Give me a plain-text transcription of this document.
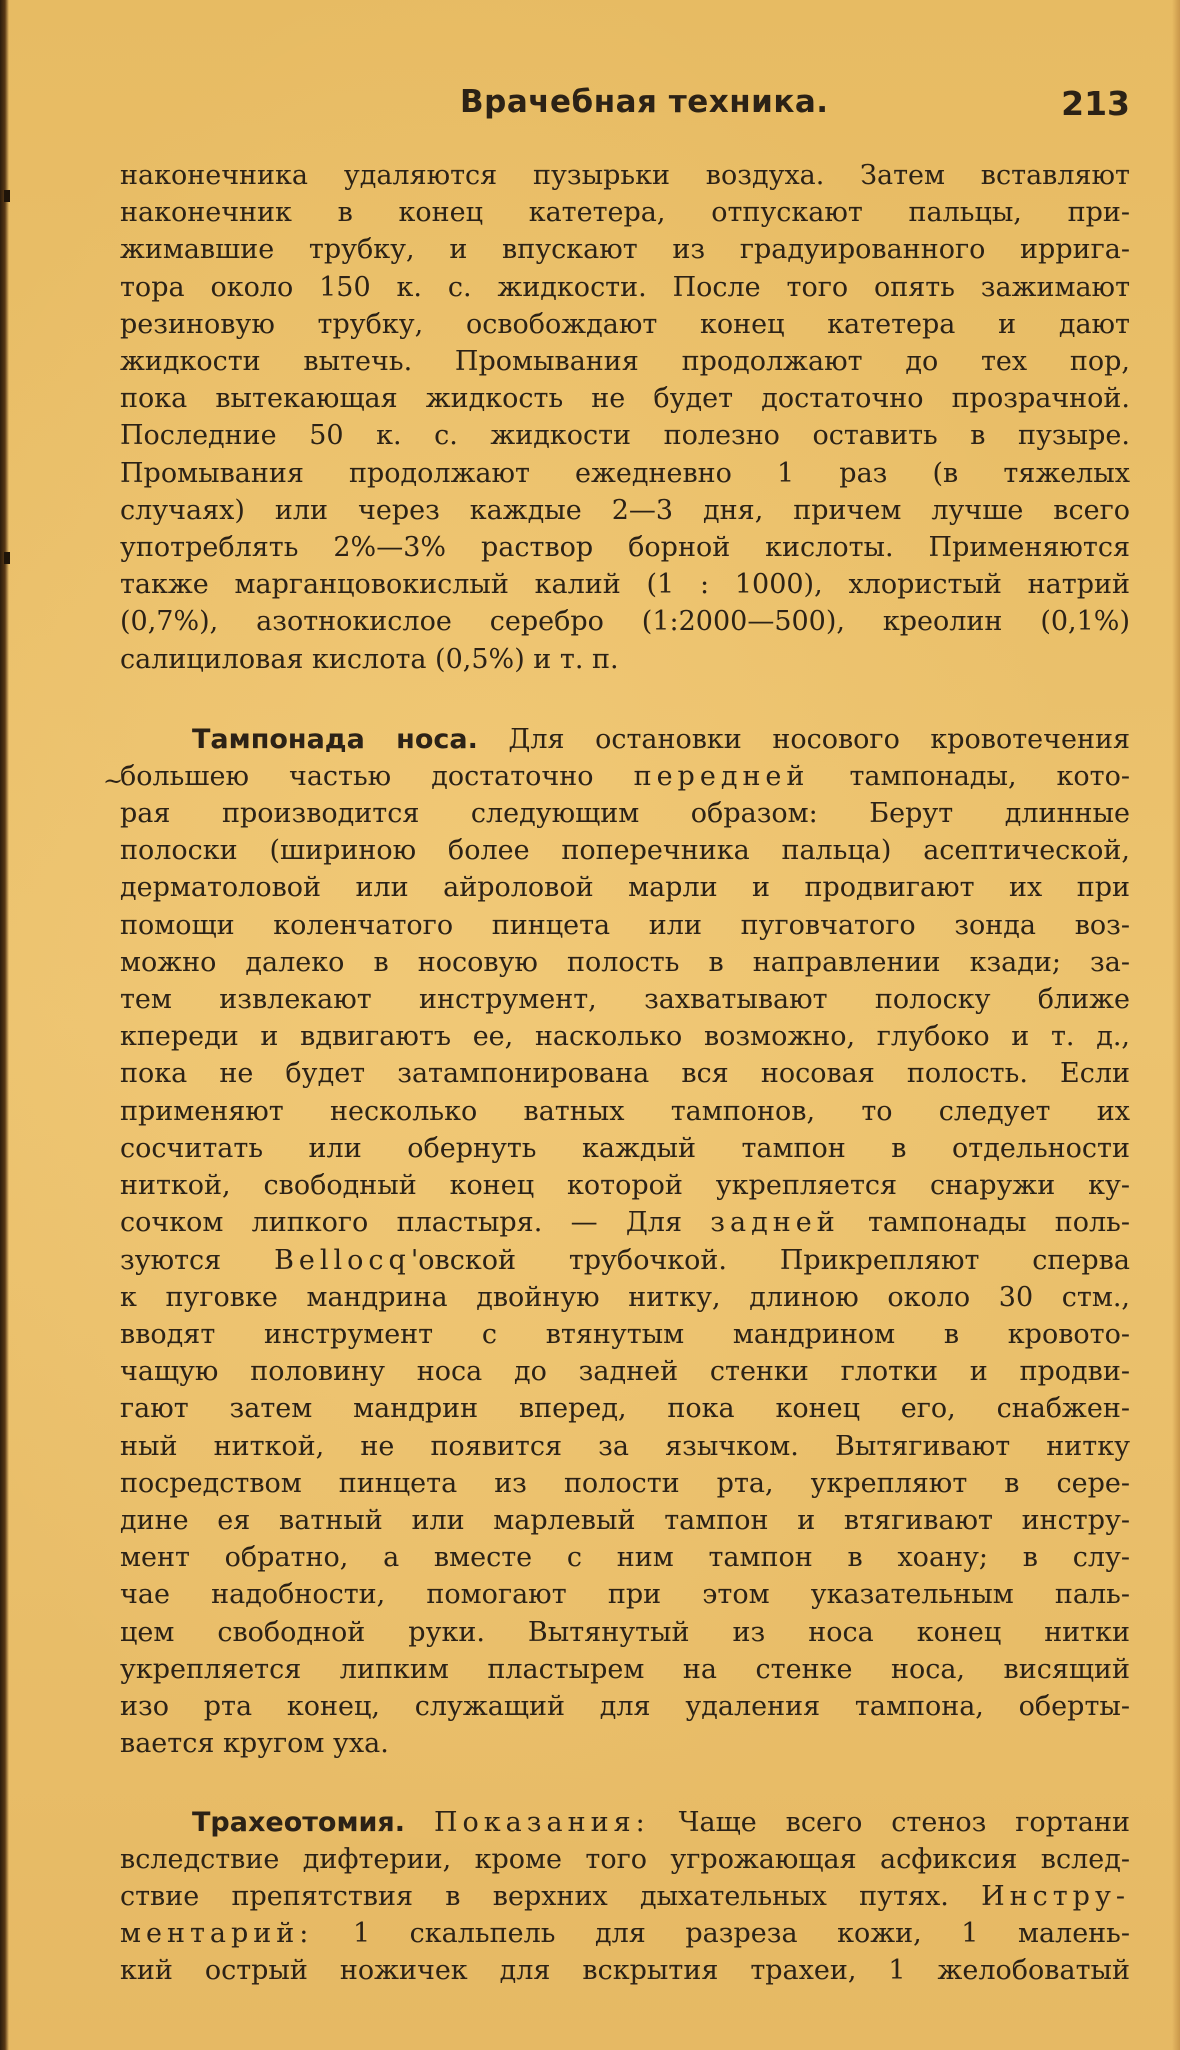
Врачебная техника.	213
наконечника удаляются пузырьки воздуха. Затем вставляют
наконечник в конец катетера, отпускают пальцы, при-
жимавшие трубку, и впускают из градуированного ирригa-
тора около 150 к. с. жидкости. После того опять зажимают
резиновую трубку, освобождают конец катетера и дают
жидкости вытечь. Промывания продолжают до тех пор,
пока вытекающая жидкость не будет достаточно прозрачной.
Последние 50 к. с. жидкости полезно оставить в пузыре.
Промывания продолжают ежедневно 1 раз (в тяжелых
случаях) или через каждые 2—3 дня, причем лучше всего
употреблять 2%—3% раствор борной кислоты. Применяются
также марганцовокислый калий (1 : 1000), хлористый натрий
(0,7%), азотнокислое серебро (1:2000—500), креолин (0,1%)
салициловая кислота (0,5%) и т. п.
~
Тампонада носа. Для остановки носового кровотечения
большею частью достаточно передней тампонады, кото-
рая производится следующим образом: Берут длинные
полоски (шириною более поперечника пальца) асептической,
дерматоловой или айроловой марли и продвигают их при
помощи коленчатого пинцета или пуговчатого зонда воз-
можно далеко в носовую полость в направлении кзади; за-
тем извлекают инструмент, захватывают полоску ближе
кпереди и вдвигаютъ ее, насколько возможно, глубоко и т. д.,
пока не будет затампонирована вся носовая полость. Если
применяют несколько ватных тампонов, то следует их
сосчитать или обернуть каждый тампон в отдельности
ниткой, свободный конец которой укрепляется снаружи ку-
сочком липкого пластыря. — Для задней тампонады поль-
зуются Bellocq'овской трубочкой. Прикрепляют сперва
к пуговке мандрина двойную нитку, длиною около 30 стм.,
вводят инструмент с втянутым мандрином в кровото-
чащую половину носа до задней стенки глотки и продви-
гают затем мандрин вперед, пока конец его, снабжен-
ный ниткой, не появится за язычком. Вытягивают нитку
посредством пинцета из полости рта, укрепляют в сере-
дине ея ватный или марлевый тампон и втягивают инстру-
мент обратно, а вместе с ним тампон в хоану; в слу-
чае надобности, помогают при этом указательным паль-
цем свободной руки. Вытянутый из носа конец нитки
укрепляется липким пластырем на стенке носа, висящий
изо рта конец, служащий для удаления тампона, оберты-
вается кругом уха.
Трахеотомия. Показания: Чаще всего стеноз гортани
вследствие дифтерии, кроме того угрожающая асфиксия вслед-
ствие препятствия в верхних дыхательных путях. Инстру-
ментарий: 1 скальпель для разреза кожи, 1 малень-
кий острый ножичек для вскрытия трахеи, 1 желобоватый
